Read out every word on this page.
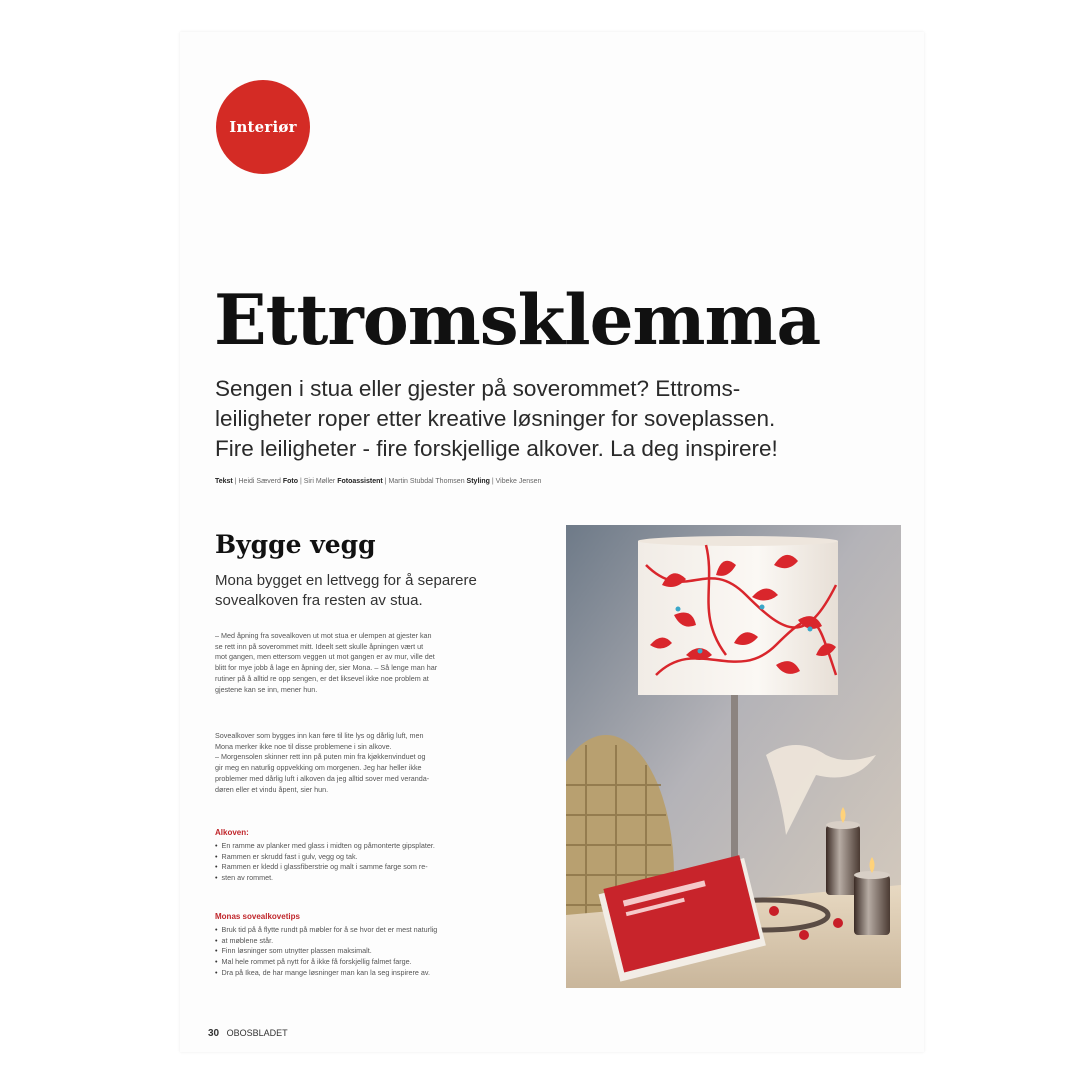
Interiør
Ettromsklemma
Sengen i stua eller gjester på soverommet? Ettroms-
leiligheter roper etter kreative løsninger for soveplassen.
Fire leiligheter - fire forskjellige alkover. La deg inspirere!
Tekst | Heidi Sæverd Foto | Siri Møller Fotoassistent | Martin Stubdal Thomsen Styling | Vibeke Jensen
Bygge vegg
Mona bygget en lettvegg for å separere
sovealkoven fra resten av stua.
– Med åpning fra sovealkoven ut mot stua er ulempen at gjester kan
se rett inn på soverommet mitt. Ideelt sett skulle åpningen vært ut
mot gangen, men ettersom veggen ut mot gangen er av mur, ville det
blitt for mye jobb å lage en åpning der, sier Mona. – Så lenge man har
rutiner på å alltid re opp sengen, er det liksevel ikke noe problem at
gjestene kan se inn, mener hun.
Sovealkover som bygges inn kan føre til lite lys og dårlig luft, men
Mona merker ikke noe til disse problemene i sin alkove.
– Morgensolen skinner rett inn på puten min fra kjøkkenvinduet og
gir meg en naturlig oppvekking om morgenen. Jeg har heller ikke
problemer med dårlig luft i alkoven da jeg alltid sover med veranda-
døren eller et vindu åpent, sier hun.
Alkoven:
• En ramme av planker med glass i midten og påmonterte gipsplater.
• Rammen er skrudd fast i gulv, vegg og tak.
• Rammen er kledd i glassfiberstrie og malt i samme farge som re-
• sten av rommet.
Monas sovealkovetips
• Bruk tid på å flytte rundt på møbler for å se hvor det er mest naturlig
• at møblene står.
• Finn løsninger som utnytter plassen maksimalt.
• Mal hele rommet på nytt for å ikke få forskjellig falmet farge.
• Dra på Ikea, de har mange løsninger man kan la seg inspirere av.
30 OBOSBLADET
